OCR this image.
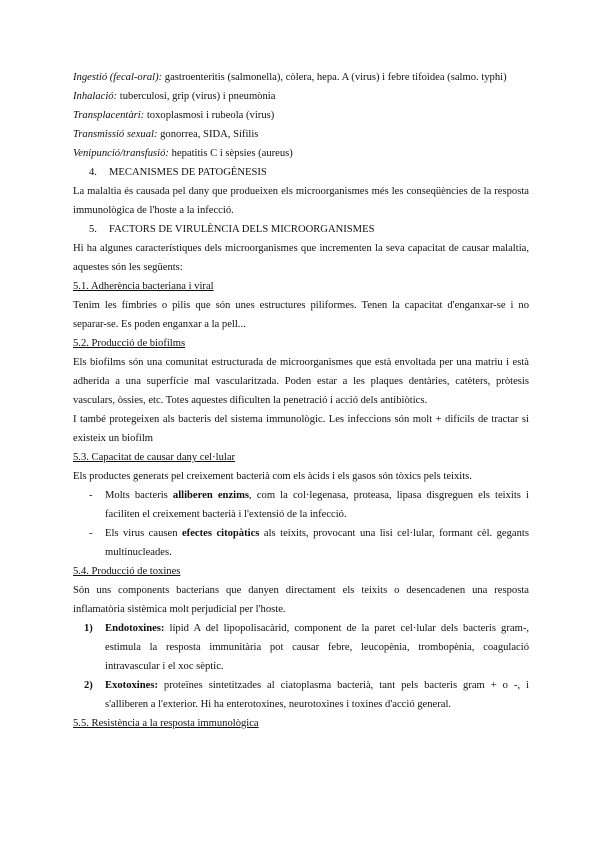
Ingestió (fecal-oral): gastroenteritis (salmonella), còlera, hepa. A (virus) i febre tifoidea (salmo. typhi)

Inhalació: tuberculosi, grip (virus) i pneumònia

Transplacentàri: toxoplasmosi i rubeola (virus)

Transmissió sexual: gonorrea, SIDA, Sífilis

Venipunció/transfusió: hepatitis C i sèpsies (aureus)

4. MECANISMES DE PATOGÈNESIS

La malaltia és causada pel dany que produeixen els microorganismes més les conseqüències de la resposta immunològica de l'hoste a la infecció.

5. FACTORS DE VIRULÈNCIA DELS MICROORGANISMES

Hi ha algunes característiques dels microorganismes que incrementen la seva capacitat de causar malaltia, aquestes són les següents:

5.1. Adherència bacteriana i viral

Tenim les fímbries o pilis que són unes estructures piliformes. Tenen la capacitat d'enganxar-se i no separar-se. Es poden enganxar a la pell...

5.2. Producció de biofilms

Els biofilms són una comunitat estructurada de microorganismes que està envoltada per una matriu i està adherida a una superfície mal vascularitzada. Poden estar a les plaques dentàries, catèters, pròtesis vasculars, òssies, etc. Totes aquestes dificulten la penetració i acció dels antibiòtics.

I també protegeixen als bacteris del sistema immunològic. Les infeccions són molt + difícils de tractar si existeix un biofilm

5.3. Capacitat de causar dany cel·lular

Els productes generats pel creixement bacterià com els àcids i els gasos són tòxics pels teixits.

- Molts bacteris alliberen enzims, com la col·legenasa, proteasa, lipasa disgreguen els teixits i faciliten el creixement bacterià i l'extensió de la infecció.
- Els virus causen efectes citopàtics als teixits, provocant una lisi cel·lular, formant cèl. gegants multinucleades.

5.4. Producció de toxines

Són uns components bacterians que danyen directament els teixits o desencadenen una resposta inflamatòria sistèmica molt perjudicial per l'hoste.

1) Endotoxines: lípid A del lipopolisacàrid, component de la paret cel·lular dels bacteris gram-, estimula la resposta immunitària pot causar febre, leucopènia, trombopènia, coagulació intravascular i el xoc sèptic.
2) Exotoxines: proteïnes sintetitzades al ciatoplasma bacterià, tant pels bacteris gram + o -, i s'alliberen a l'exterior. Hi ha enterotoxines, neurotoxines i toxines d'acció general.

5.5. Resistència a la resposta immunològica
